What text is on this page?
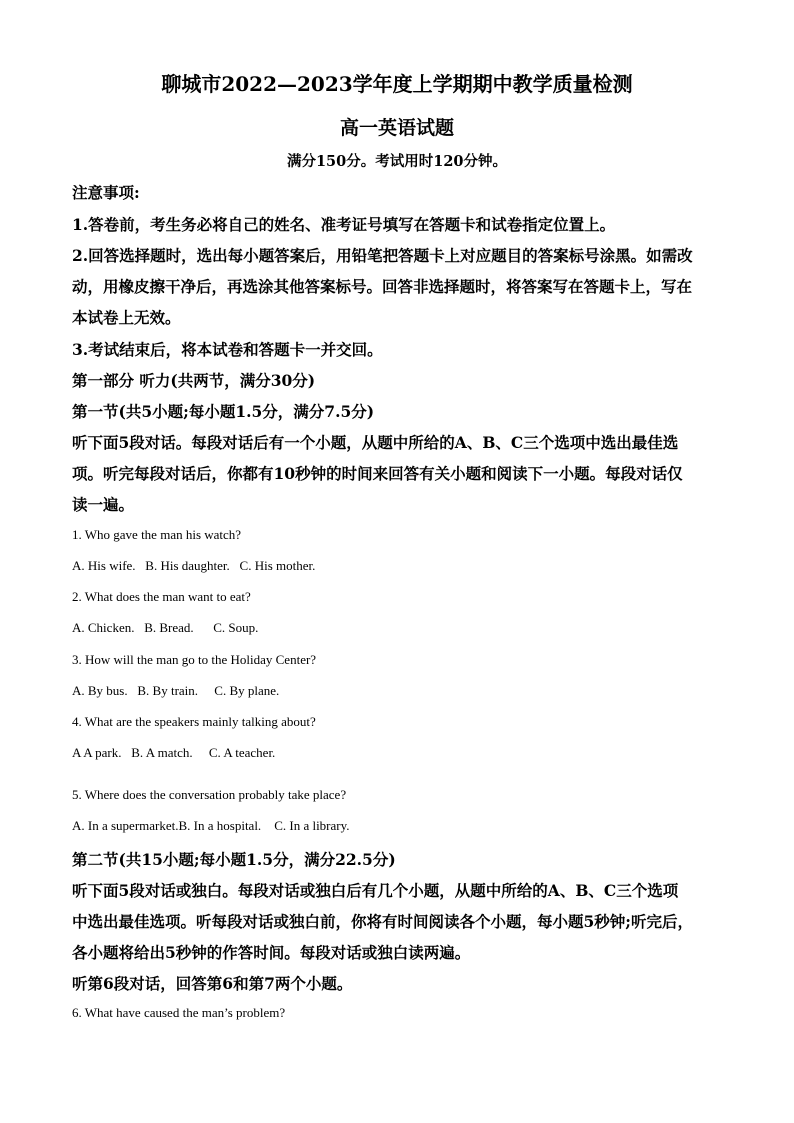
聊城市2022—2023学年度上学期期中教学质量检测
高一英语试题
满分150分。考试用时120分钟。
注意事项:
1.答卷前，考生务必将自己的姓名、准考证号填写在答题卡和试卷指定位置上。
2.回答选择题时，选出每小题答案后，用铅笔把答题卡上对应题目的答案标号涂黑。如需改
动，用橡皮擦干净后，再选涂其他答案标号。回答非选择题时，将答案写在答题卡上，写在
本试卷上无效。
3.考试结束后，将本试卷和答题卡一并交回。
第一部分 听力(共两节，满分30分)
第一节(共5小题;每小题1.5分，满分7.5分)
听下面5段对话。每段对话后有一个小题，从题中所给的A、B、C三个选项中选出最佳选
项。听完每段对话后，你都有10秒钟的时间来回答有关小题和阅读下一小题。每段对话仅
读一遍。
1. Who gave the man his watch?
A. His wife. B. His daughter. C. His mother.
2. What does the man want to eat?
A. Chicken. B. Bread. C. Soup.
3. How will the man go to the Holiday Center?
A. By bus. B. By train. C. By plane.
4. What are the speakers mainly talking about?
A A park. B. A match. C. A teacher.
5. Where does the conversation probably take place?
A. In a supermarket.B. In a hospital. C. In a library.
第二节(共15小题;每小题1.5分，满分22.5分)
听下面5段对话或独白。每段对话或独白后有几个小题，从题中所给的A、B、C三个选项
中选出最佳选项。听每段对话或独白前，你将有时间阅读各个小题，每小题5秒钟;听完后，
各小题将给出5秒钟的作答时间。每段对话或独白读两遍。
听第6段对话，回答第6和第7两个小题。
6. What have caused the man’s problem?
